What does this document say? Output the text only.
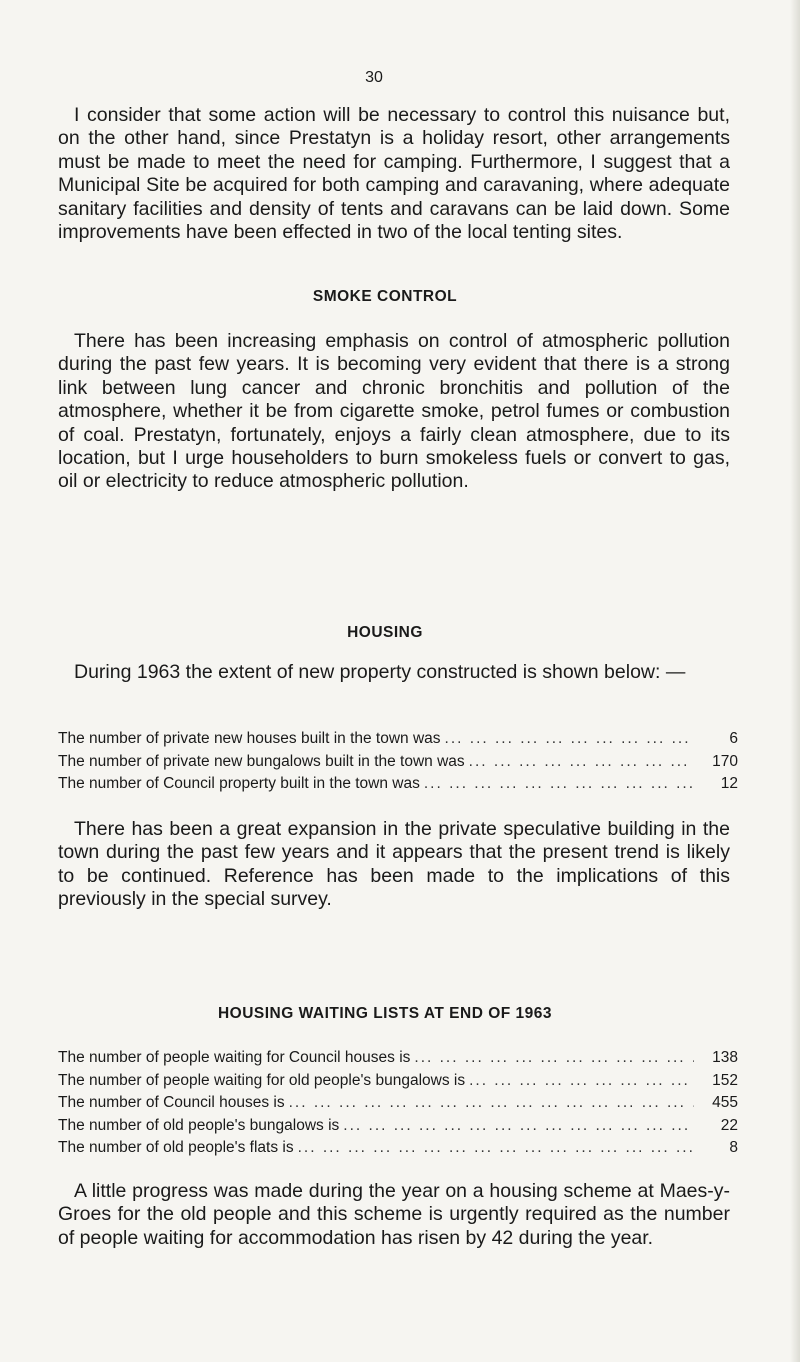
30

I consider that some action will be necessary to control this nuisance but, on the other hand, since Prestatyn is a holiday resort, other arrangements must be made to meet the need for camping. Furthermore, I suggest that a Municipal Site be acquired for both camping and caravaning, where adequate sanitary facilities and density of tents and caravans can be laid down. Some improvements have been effected in two of the local tenting sites.

SMOKE CONTROL

There has been increasing emphasis on control of atmospheric pollution during the past few years. It is becoming very evident that there is a strong link between lung cancer and chronic bronchitis and pollution of the atmosphere, whether it be from cigarette smoke, petrol fumes or combustion of coal. Prestatyn, fortunately, enjoys a fairly clean atmosphere, due to its location, but I urge householders to burn smokeless fuels or convert to gas, oil or electricity to reduce atmospheric pollution.

HOUSING

During 1963 the extent of new property constructed is shown below: —

The number of private new houses built in the town was ... .	6
The number of private new bungalows built in the town was ... .	170
The number of Council property built in the town was ... .	12

There has been a great expansion in the private speculative building in the town during the past few years and it appears that the present trend is likely to be continued. Reference has been made to the implications of this previously in the special survey.

HOUSING WAITING LISTS AT END OF 1963
The number of people waiting for Council houses is ... .	138
The number of people waiting for old people's bungalows is ... .	152
The number of Council houses is ... .	455
The number of old people's bungalows is ... .	22
The number of old people's flats is ... .	8

A little progress was made during the year on a housing scheme at Maes-y-Groes for the old people and this scheme is urgently required as the number of people waiting for accommodation has risen by 42 during the year.
